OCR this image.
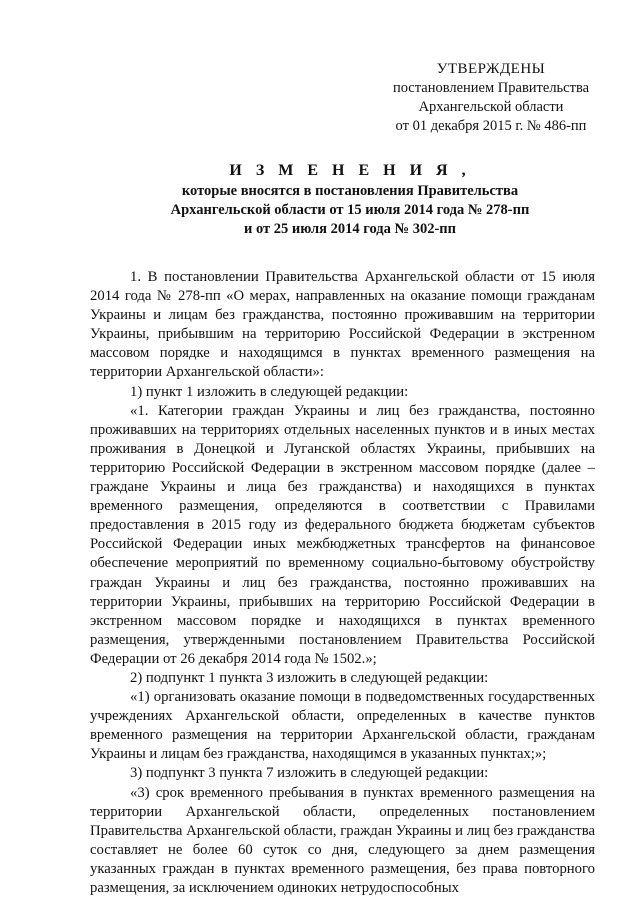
УТВЕРЖДЕНЫ
постановлением Правительства
Архангельской области
от 01 декабря 2015 г. № 486-пп
И З М Е Н Е Н И Я ,
которые вносятся в постановления Правительства
Архангельской области от 15 июля 2014 года № 278-пп
и от 25 июля 2014 года № 302-пп

1. В постановлении Правительства Архангельской области от 15 июля 2014 года № 278-пп «О мерах, направленных на оказание помощи гражданам Украины и лицам без гражданства, постоянно проживавшим на территории Украины, прибывшим на территорию Российской Федерации в экстренном массовом порядке и находящимся в пунктах временного размещения на территории Архангельской области»:

1) пункт 1 изложить в следующей редакции:

«1. Категории граждан Украины и лиц без гражданства, постоянно проживавших на территориях отдельных населенных пунктов и в иных местах проживания в Донецкой и Луганской областях Украины, прибывших на территорию Российской Федерации в экстренном массовом порядке (далее – граждане Украины и лица без гражданства) и находящихся в пунктах временного размещения, определяются в соответствии с Правилами предоставления в 2015 году из федерального бюджета бюджетам субъектов Российской Федерации иных межбюджетных трансфертов на финансовое обеспечение мероприятий по временному социально-бытовому обустройству граждан Украины и лиц без гражданства, постоянно проживавших на территории Украины, прибывших на территорию Российской Федерации в экстренном массовом порядке и находящихся в пунктах временного размещения, утвержденными постановлением Правительства Российской Федерации от 26 декабря 2014 года № 1502.»;

2) подпункт 1 пункта 3 изложить в следующей редакции:

«1) организовать оказание помощи в подведомственных государственных учреждениях Архангельской области, определенных в качестве пунктов временного размещения на территории Архангельской области, гражданам Украины и лицам без гражданства, находящимся в указанных пунктах;»;

3) подпункт 3 пункта 7 изложить в следующей редакции:

«3) срок временного пребывания в пунктах временного размещения на территории Архангельской области, определенных постановлением Правительства Архангельской области, граждан Украины и лиц без гражданства составляет не более 60 суток со дня, следующего за днем размещения указанных граждан в пунктах временного размещения, без права повторного размещения, за исключением одиноких нетрудоспособных
